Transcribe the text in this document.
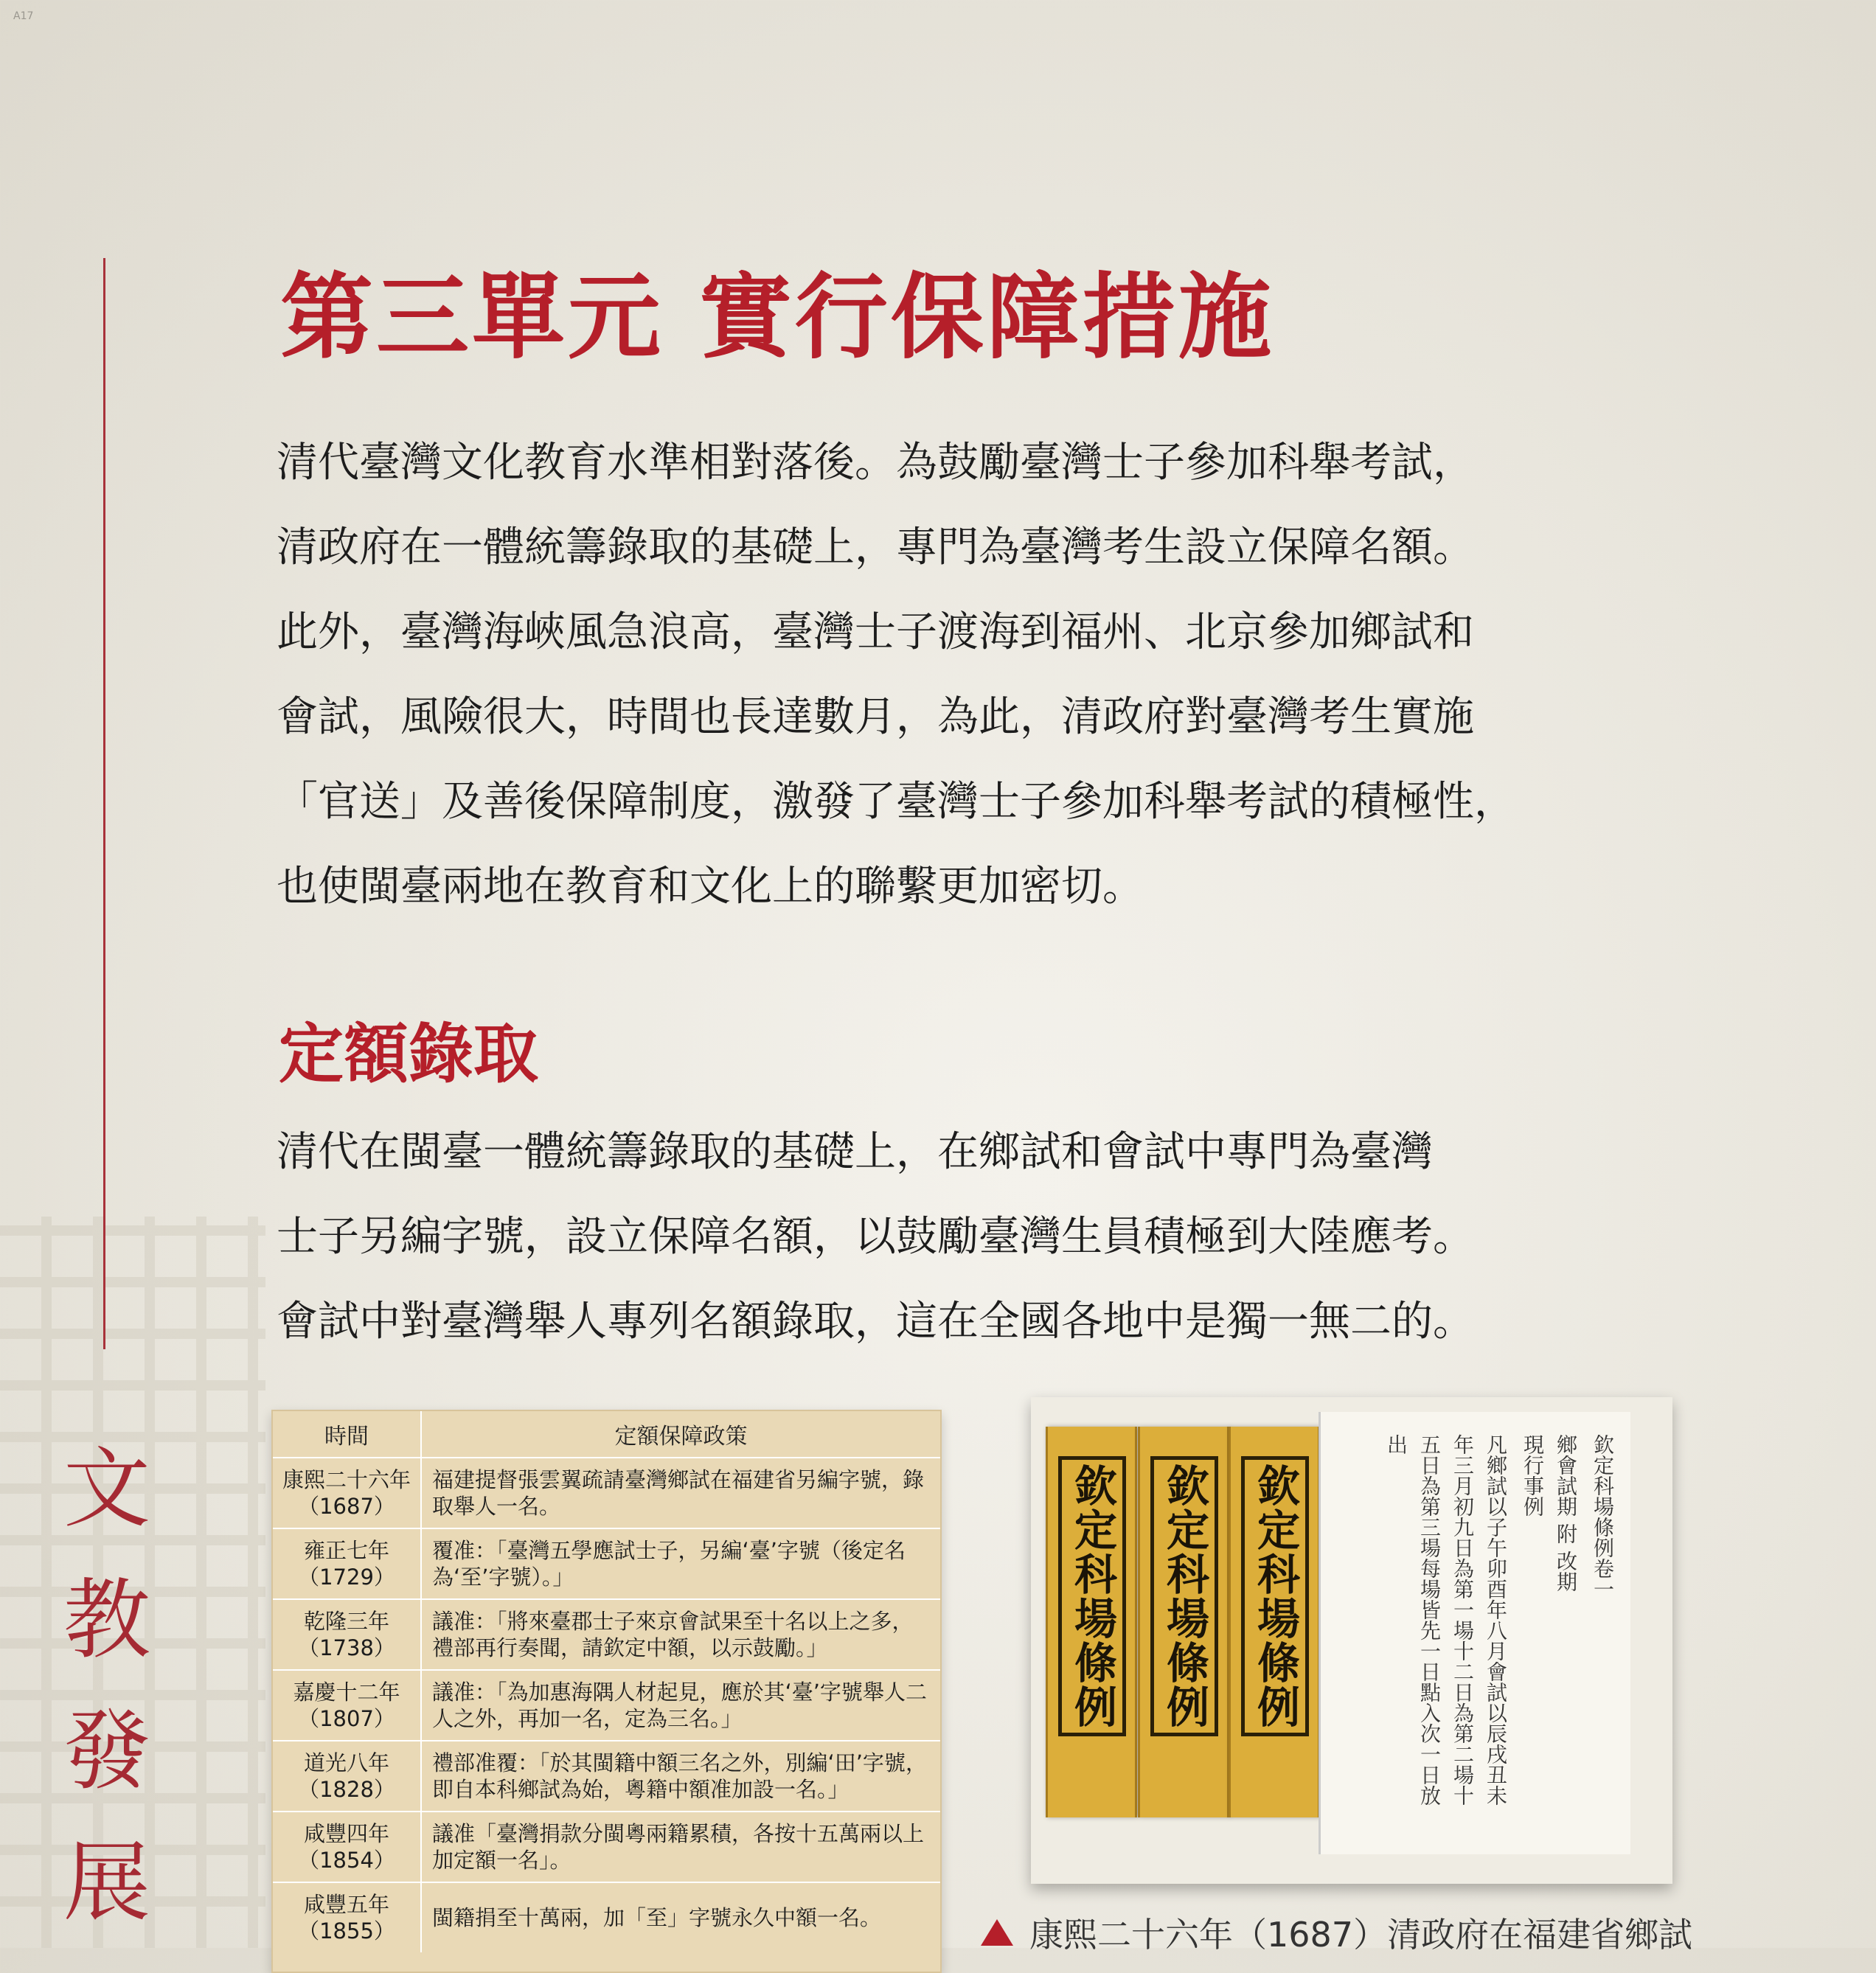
A17
文
教
發
展
第三單元 實行保障措施
清代臺灣文化教育水準相對落後。為鼓勵臺灣士子參加科舉考試，
清政府在一體統籌錄取的基礎上，專門為臺灣考生設立保障名額。
此外，臺灣海峽風急浪高，臺灣士子渡海到福州、北京參加鄉試和
會試，風險很大，時間也長達數月，為此，清政府對臺灣考生實施
「官送」及善後保障制度，激發了臺灣士子參加科舉考試的積極性，
也使閩臺兩地在教育和文化上的聯繫更加密切。
定額錄取
清代在閩臺一體統籌錄取的基礎上，在鄉試和會試中專門為臺灣
士子另編字號，設立保障名額，以鼓勵臺灣生員積極到大陸應考。
會試中對臺灣舉人專列名額錄取，這在全國各地中是獨一無二的。
時間	定額保障政策
康熙二十六年（1687）	福建提督張雲翼疏請臺灣鄉試在福建省另編字號，錄取舉人一名。
雍正七年（1729）	覆准：「臺灣五學應試士子，另編‘臺’字號（後定名為‘至’字號）。」
乾隆三年（1738）	議准：「將來臺郡士子來京會試果至十名以上之多，禮部再行奏聞，請欽定中額，以示鼓勵。」
嘉慶十二年（1807）	議准：「為加惠海隅人材起見，應於其‘臺’字號舉人二人之外，再加一名，定為三名。」
道光八年（1828）	禮部准覆：「於其閩籍中額三名之外，別編‘田’字號，即自本科鄉試為始，粵籍中額准加設一名。」
咸豐四年（1854）	議准「臺灣捐款分閩粵兩籍累積，各按十五萬兩以上加定額一名」。
咸豐五年（1855）	閩籍捐至十萬兩，加「至」字號永久中額一名。
欽定科場條例 欽定科場條例 欽定科場條例	欽定科場條例卷一
鄉會試期 附 改期
現行事例
凡鄉試以子午卯酉年八月會試以辰戌丑未
年三月初九日為第一場十二日為第二場十
五日為第三場每場皆先一日點入次一日放
出
康熙二十六年（1687）清政府在福建省鄉試
